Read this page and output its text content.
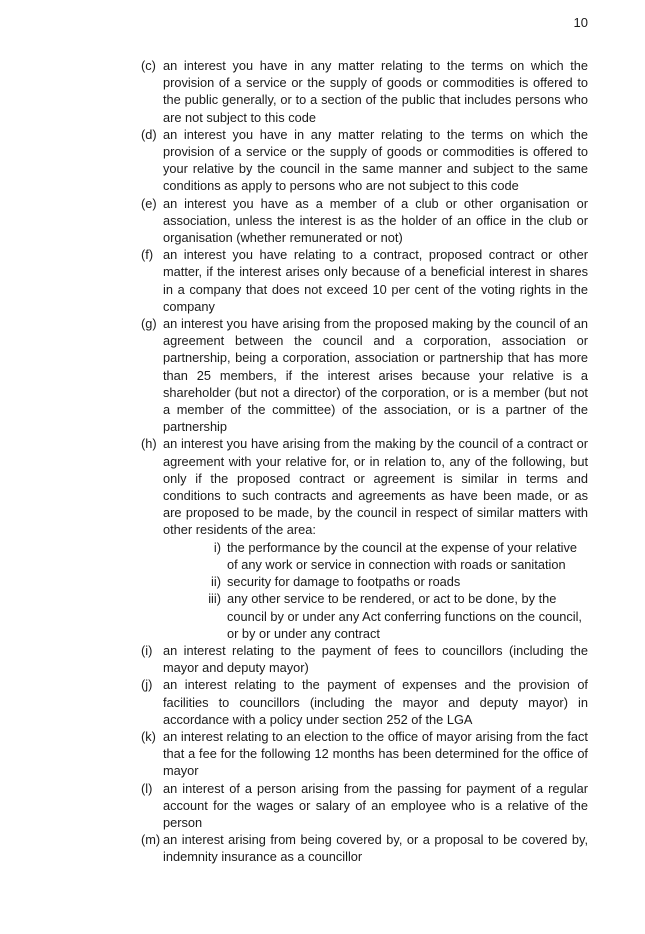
10
(c) an interest you have in any matter relating to the terms on which the provision of a service or the supply of goods or commodities is offered to the public generally, or to a section of the public that includes persons who are not subject to this code
(d) an interest you have in any matter relating to the terms on which the provision of a service or the supply of goods or commodities is offered to your relative by the council in the same manner and subject to the same conditions as apply to persons who are not subject to this code
(e) an interest you have as a member of a club or other organisation or association, unless the interest is as the holder of an office in the club or organisation (whether remunerated or not)
(f) an interest you have relating to a contract, proposed contract or other matter, if the interest arises only because of a beneficial interest in shares in a company that does not exceed 10 per cent of the voting rights in the company
(g) an interest you have arising from the proposed making by the council of an agreement between the council and a corporation, association or partnership, being a corporation, association or partnership that has more than 25 members, if the interest arises because your relative is a shareholder (but not a director) of the corporation, or is a member (but not a member of the committee) of the association, or is a partner of the partnership
(h) an interest you have arising from the making by the council of a contract or agreement with your relative for, or in relation to, any of the following, but only if the proposed contract or agreement is similar in terms and conditions to such contracts and agreements as have been made, or as are proposed to be made, by the council in respect of similar matters with other residents of the area:
i) the performance by the council at the expense of your relative of any work or service in connection with roads or sanitation
ii) security for damage to footpaths or roads
iii) any other service to be rendered, or act to be done, by the council by or under any Act conferring functions on the council, or by or under any contract
(i) an interest relating to the payment of fees to councillors (including the mayor and deputy mayor)
(j) an interest relating to the payment of expenses and the provision of facilities to councillors (including the mayor and deputy mayor) in accordance with a policy under section 252 of the LGA
(k) an interest relating to an election to the office of mayor arising from the fact that a fee for the following 12 months has been determined for the office of mayor
(l) an interest of a person arising from the passing for payment of a regular account for the wages or salary of an employee who is a relative of the person
(m) an interest arising from being covered by, or a proposal to be covered by, indemnity insurance as a councillor
